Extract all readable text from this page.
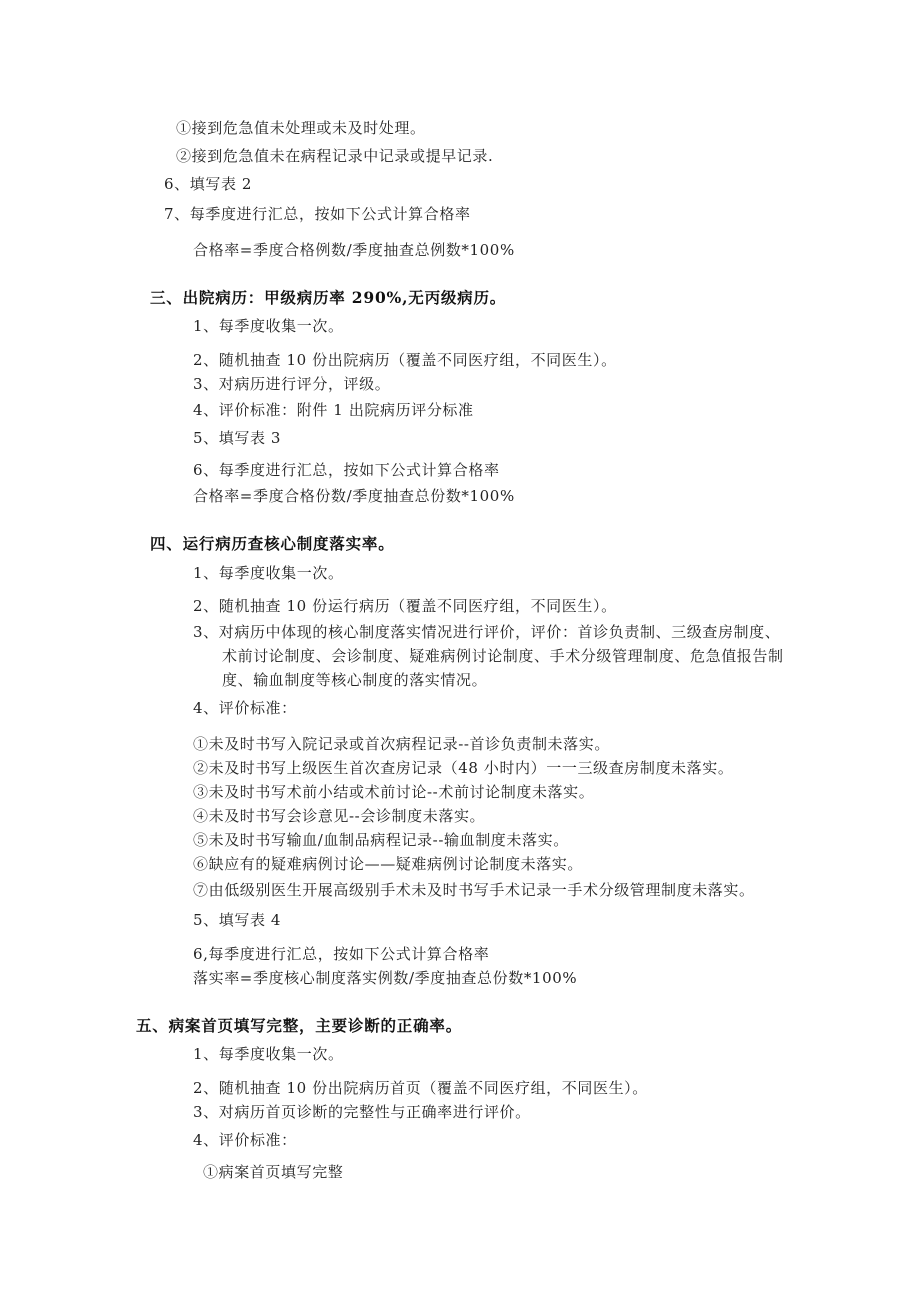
①接到危急值未处理或未及时处理。
②接到危急值未在病程记录中记录或提早记录.
6、填写表 2
7、每季度进行汇总，按如下公式计算合格率
合格率=季度合格例数/季度抽查总例数*100%
三、出院病历：甲级病历率 290%,无丙级病历。
1、每季度收集一次。
2、随机抽查 10 份出院病历（覆盖不同医疗组，不同医生）。
3、对病历进行评分，评级。
4、评价标准：附件 1 出院病历评分标准
5、填写表 3
6、每季度进行汇总，按如下公式计算合格率
合格率=季度合格份数/季度抽查总份数*100%
四、运行病历查核心制度落实率。
1、每季度收集一次。
2、随机抽查 10 份运行病历（覆盖不同医疗组，不同医生）。
3、对病历中体现的核心制度落实情况进行评价，评价：首诊负责制、三级查房制度、
术前讨论制度、会诊制度、疑难病例讨论制度、手术分级管理制度、危急值报告制
度、输血制度等核心制度的落实情况。
4、评价标准：
①未及时书写入院记录或首次病程记录--首诊负责制未落实。
②未及时书写上级医生首次查房记录（48 小时内）一一三级查房制度未落实。
③未及时书写术前小结或术前讨论--术前讨论制度未落实。
④未及时书写会诊意见--会诊制度未落实。
⑤未及时书写输血/血制品病程记录--输血制度未落实。
⑥缺应有的疑难病例讨论——疑难病例讨论制度未落实。
⑦由低级别医生开展高级别手术未及时书写手术记录一手术分级管理制度未落实。
5、填写表 4
6,每季度进行汇总，按如下公式计算合格率
落实率=季度核心制度落实例数/季度抽查总份数*100%
五、病案首页填写完整，主要诊断的正确率。
1、每季度收集一次。
2、随机抽查 10 份出院病历首页（覆盖不同医疗组，不同医生）。
3、对病历首页诊断的完整性与正确率进行评价。
4、评价标准：
①病案首页填写完整
